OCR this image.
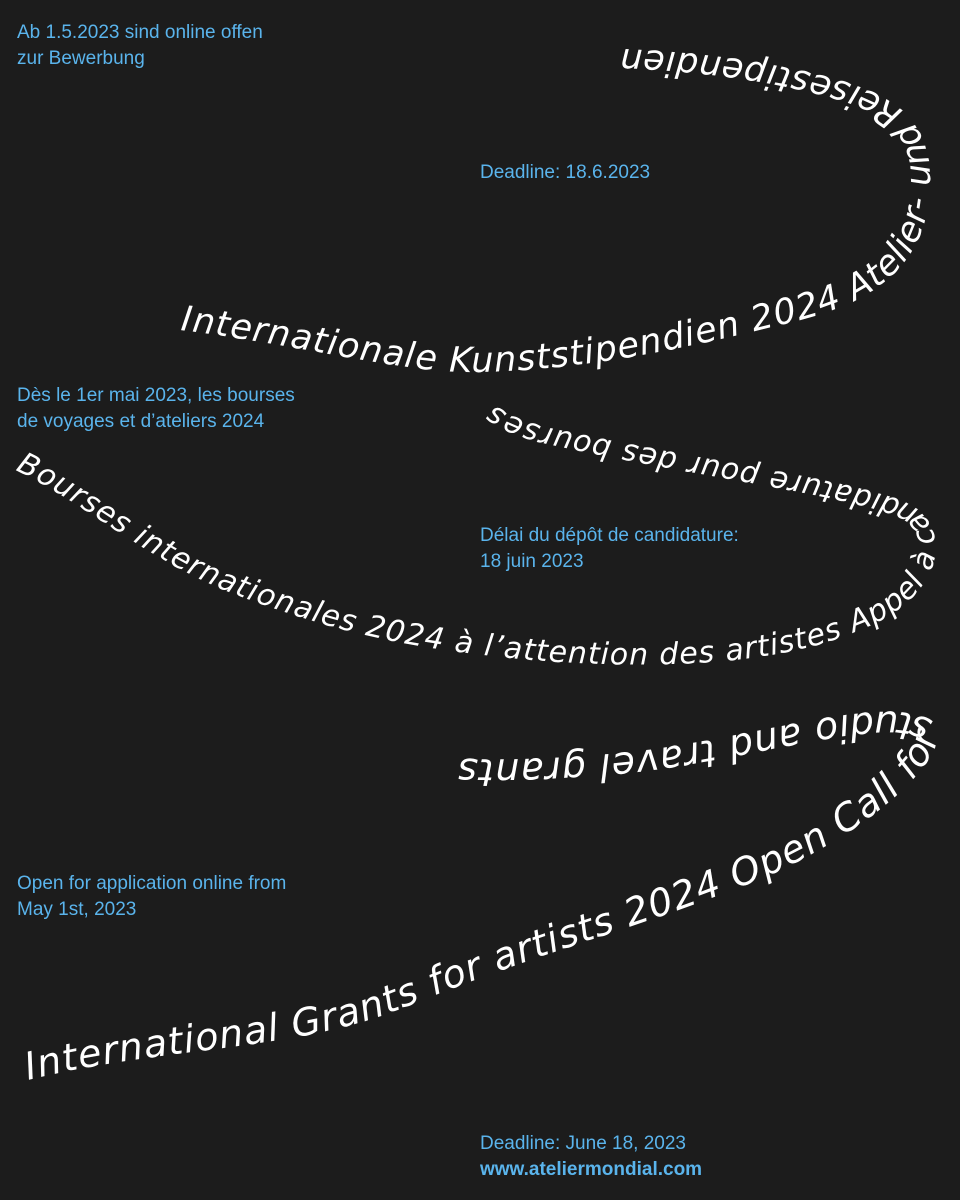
International Grants for artists 2024 Open Call for studio and travel grants
Bourses internationales 2024 à l’attention des artistes Appel à candidature pour des bourses
Internationale Kunststipendien 2024 Atelier- und Reisestipendien

Ab 1.5.2023 sind online offen
zur Bewerbung

Deadline: 18.6.2023

Dès le 1er mai 2023, les bourses
de voyages et d’ateliers 2024

Délai du dépôt de candidature:
18 juin 2023

Open for application online from
May 1st, 2023

Deadline: June 18, 2023
www.ateliermondial.com
